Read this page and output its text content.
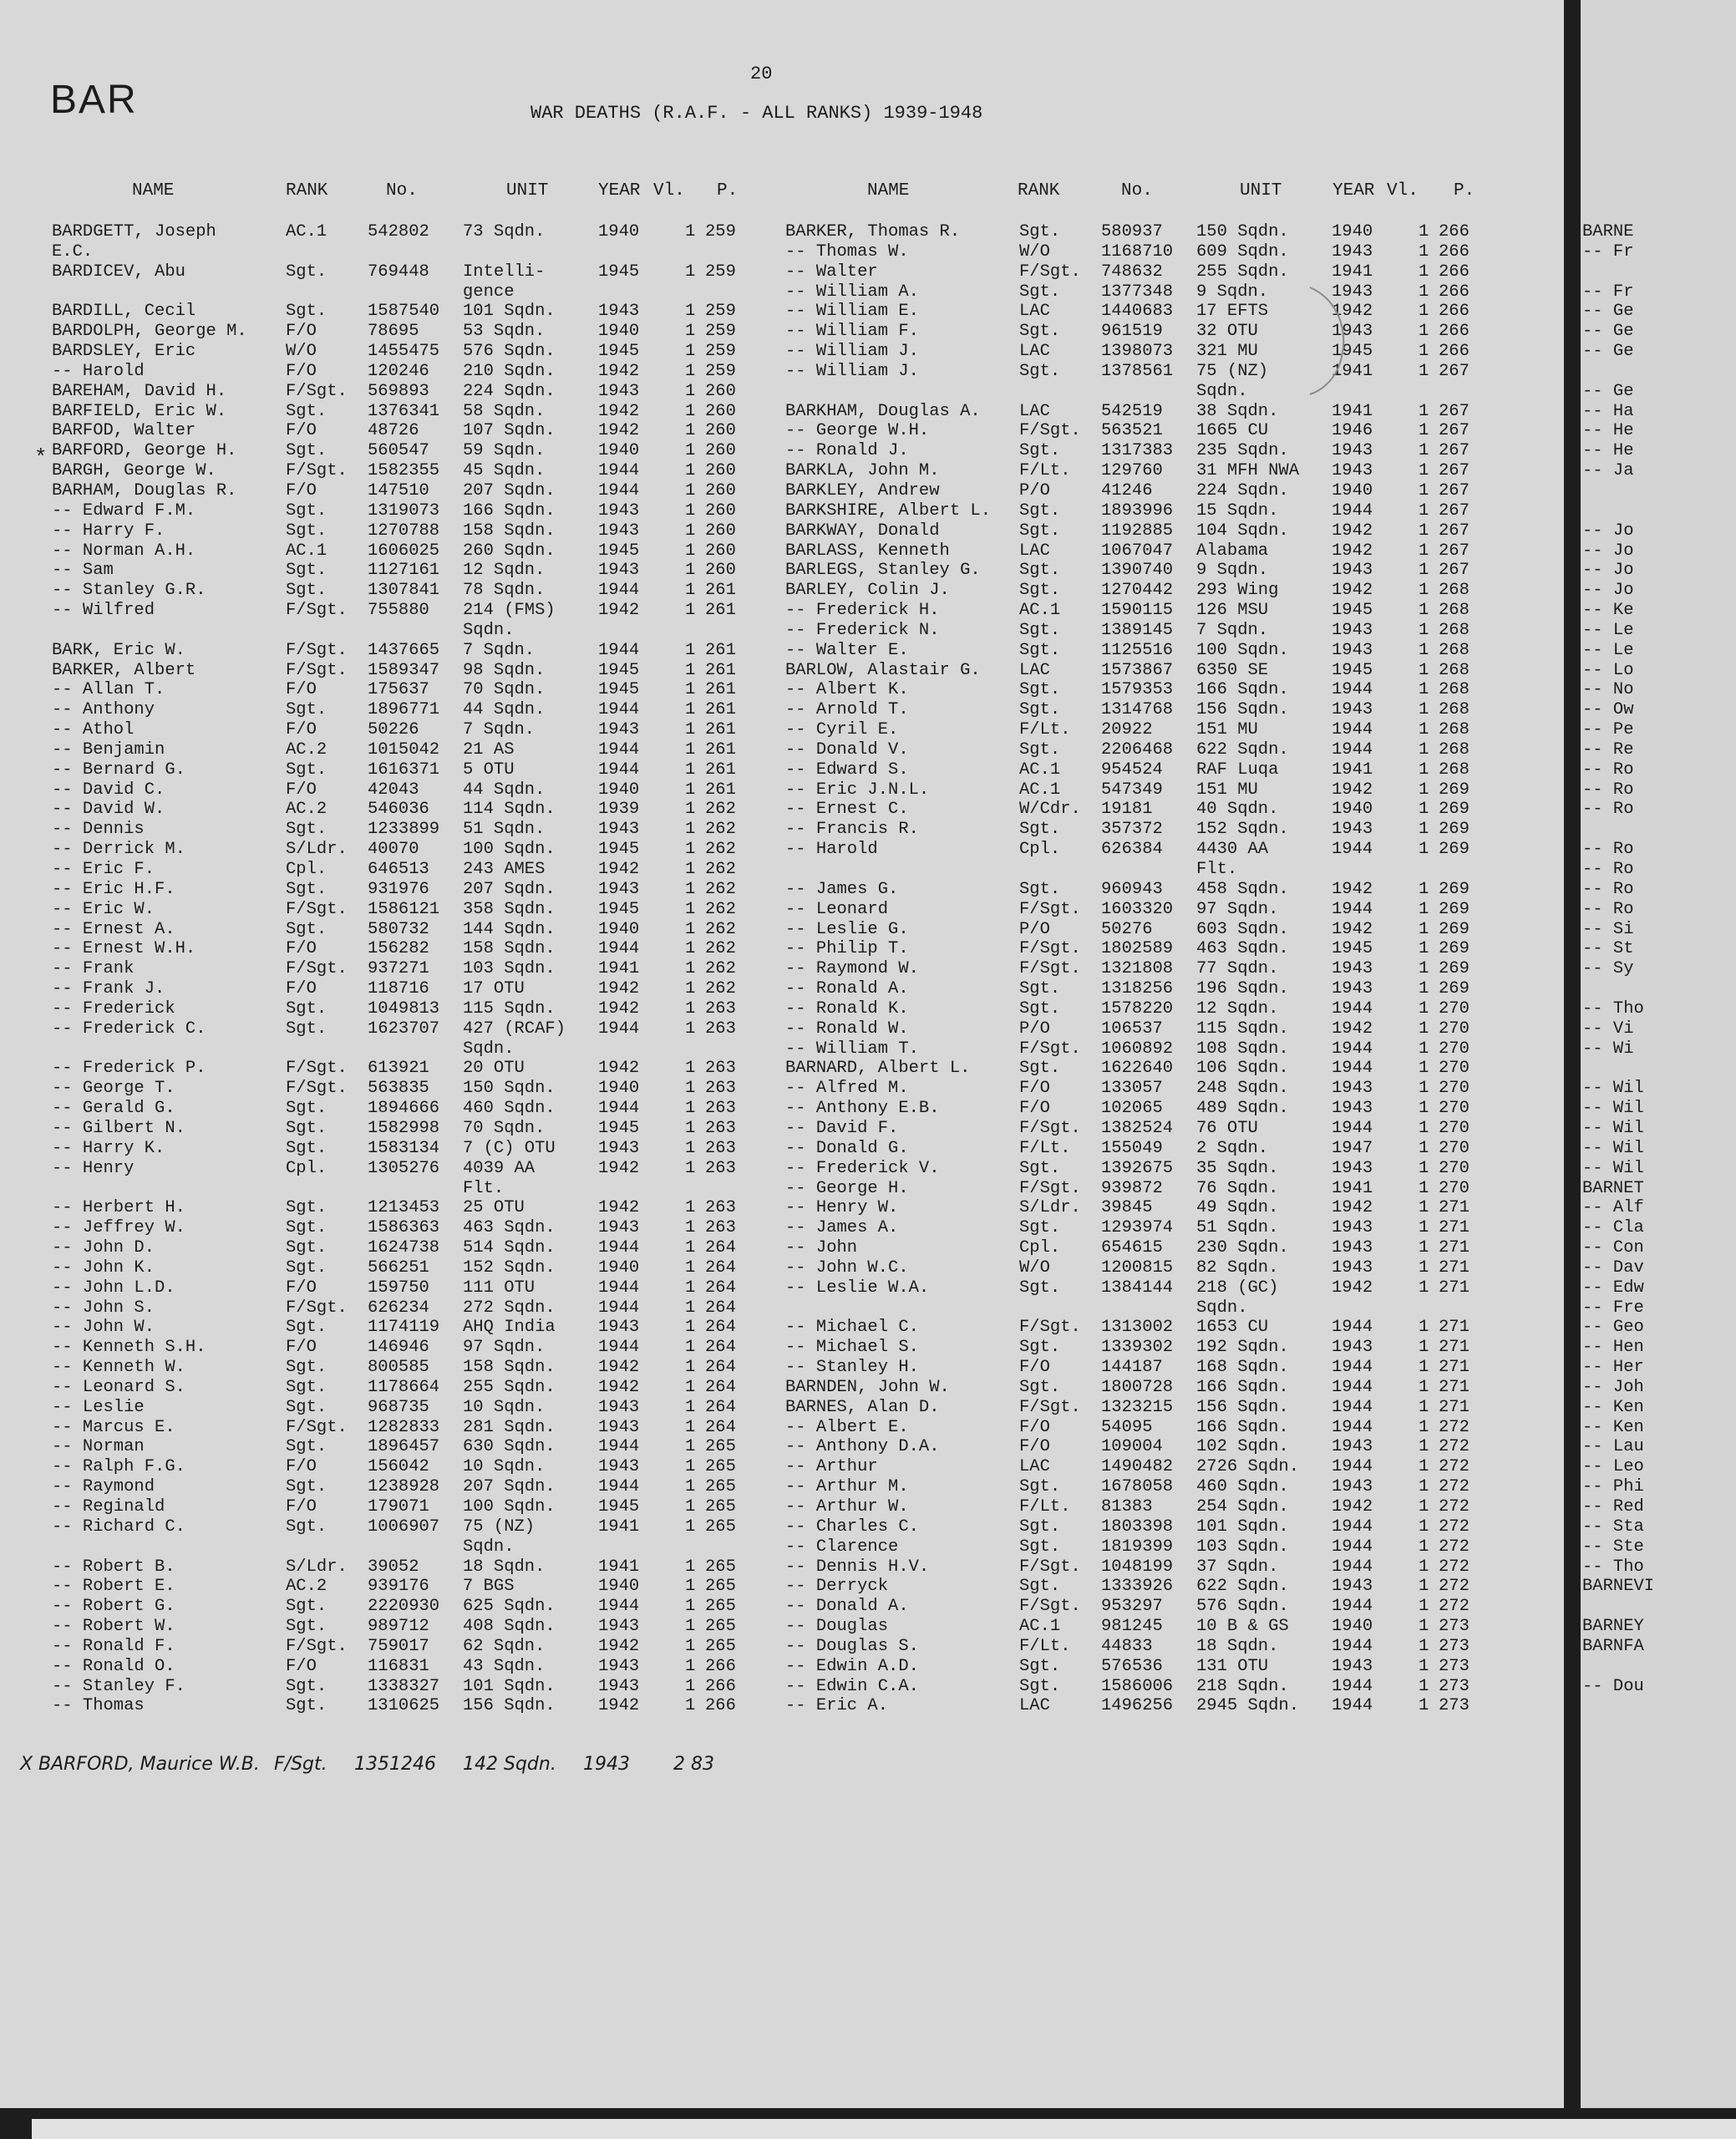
20
BAR	WAR DEATHS (R.A.F. - ALL RANKS) 1939-1948
NAME	RANK	No.	UNIT	YEAR Vl. P.	NAME	RANK	No.	UNIT	YEAR Vl. P.
BARDGETT, Joseph	AC.1 542802 73 Sqdn.	1940	1 259
E.C.
BARDICEV, Abu	Sgt. 769448 Intelli-	1945	1 259
gence
BARDILL, Cecil	Sgt. 1587540 101 Sqdn.	1943	1 259
BARDOLPH, George M. F/O	78695	53 Sqdn.	1940	1 259
BARDSLEY, Eric	W/O	1455475 576 Sqdn.	1945	1 259
-- Harold	F/O	120246 210 Sqdn.	1942	1 259
BAREHAM, David H.	F/Sgt. 569893 224 Sqdn.	1943	1 260
BARFIELD, Eric W.	Sgt. 1376341 58 Sqdn.	1942	1 260
BARFOD, Walter	F/O	48726	107 Sqdn.	1942	1 260
BARFORD, George H.	Sgt. 560547 59 Sqdn.	1940	1 260
BARGH, George W.	F/Sgt. 1582355 45 Sqdn.	1944	1 260
BARHAM, Douglas R.	F/O	147510 207 Sqdn.	1944	1 260
-- Edward F.M.	Sgt. 1319073 166 Sqdn.	1943	1 260
-- Harry F.	Sgt. 1270788 158 Sqdn.	1943	1 260
-- Norman A.H.	AC.1 1606025 260 Sqdn.	1945	1 260
-- Sam	Sgt. 1127161 12 Sqdn.	1943	1 260
-- Stanley G.R.	Sgt. 1307841 78 Sqdn.	1944	1 261
-- Wilfred	F/Sgt. 755880 214 (FMS)	1942	1 261
Sqdn.
BARK, Eric W.	F/Sgt. 1437665 7 Sqdn.	1944	1 261
BARKER, Albert	F/Sgt. 1589347 98 Sqdn.	1945	1 261
-- Allan T.	F/O	175637 70 Sqdn.	1945	1 261
-- Anthony	Sgt. 1896771 44 Sqdn.	1944	1 261
-- Athol	F/O	50226	7 Sqdn.	1943	1 261
-- Benjamin	AC.2 1015042 21 AS	1944	1 261
-- Bernard G.	Sgt. 1616371 5 OTU	1944	1 261
-- David C.	F/O	42043	44 Sqdn.	1940	1 261
-- David W.	AC.2 546036 114 Sqdn.	1939	1 262
-- Dennis	Sgt. 1233899 51 Sqdn.	1943	1 262
-- Derrick M.	S/Ldr. 40070	100 Sqdn.	1945	1 262
-- Eric F.	Cpl. 646513 243 AMES	1942	1 262
-- Eric H.F.	Sgt. 931976 207 Sqdn.	1943	1 262
-- Eric W.	F/Sgt. 1586121 358 Sqdn.	1945	1 262
-- Ernest A.	Sgt. 580732 144 Sqdn.	1940	1 262
-- Ernest W.H.	F/O	156282 158 Sqdn.	1944	1 262
-- Frank	F/Sgt. 937271 103 Sqdn.	1941	1 262
-- Frank J.	F/O	118716 17 OTU	1942	1 262
-- Frederick	Sgt. 1049813 115 Sqdn.	1942	1 263
-- Frederick C.	Sgt. 1623707 427 (RCAF) 1944	1 263
Sqdn.
-- Frederick P.	F/Sgt. 613921 20 OTU	1942	1 263
-- George T.	F/Sgt. 563835 150 Sqdn.	1940	1 263
-- Gerald G.	Sgt. 1894666 460 Sqdn.	1944	1 263
-- Gilbert N.	Sgt. 1582998 70 Sqdn.	1945	1 263
-- Harry K.	Sgt. 1583134 7 (C) OTU	1943	1 263
-- Henry	Cpl. 1305276 4039 AA	1942	1 263
Flt.
-- Herbert H.	Sgt. 1213453 25 OTU	1942	1 263
-- Jeffrey W.	Sgt. 1586363 463 Sqdn.	1943	1 263
-- John D.	Sgt. 1624738 514 Sqdn.	1944	1 264
-- John K.	Sgt. 566251 152 Sqdn.	1940	1 264
-- John L.D.	F/O	159750 111 OTU	1944	1 264
-- John S.	F/Sgt. 626234 272 Sqdn.	1944	1 264
-- John W.	Sgt. 1174119 AHQ India	1943	1 264
-- Kenneth S.H.	F/O	146946 97 Sqdn.	1944	1 264
-- Kenneth W.	Sgt. 800585 158 Sqdn.	1942	1 264
-- Leonard S.	Sgt. 1178664 255 Sqdn.	1942	1 264
-- Leslie	Sgt. 968735 10 Sqdn.	1943	1 264
-- Marcus E.	F/Sgt. 1282833 281 Sqdn.	1943	1 264
-- Norman	Sgt. 1896457 630 Sqdn.	1944	1 265
-- Ralph F.G.	F/O	156042 10 Sqdn.	1943	1 265
-- Raymond	Sgt. 1238928 207 Sqdn.	1944	1 265
-- Reginald	F/O	179071 100 Sqdn.	1945	1 265
-- Richard C.	Sgt. 1006907 75 (NZ)	1941	1 265
Sqdn.
-- Robert B.	S/Ldr. 39052	18 Sqdn.	1941	1 265
-- Robert E.	AC.2 939176 7 BGS	1940	1 265
-- Robert G.	Sgt. 2220930 625 Sqdn.	1944	1 265
-- Robert W.	Sgt. 989712 408 Sqdn.	1943	1 265
-- Ronald F.	F/Sgt. 759017 62 Sqdn.	1942	1 265
-- Ronald O.	F/O	116831 43 Sqdn.	1943	1 266
-- Stanley F.	Sgt. 1338327 101 Sqdn.	1943	1 266
-- Thomas	Sgt. 1310625 156 Sqdn.	1942	1 266
BARKER, Thomas R.	Sgt. 580937 150 Sqdn.	1940	1 266
-- Thomas W.	W/O	1168710 609 Sqdn.	1943	1 266
-- Walter	F/Sgt. 748632 255 Sqdn.	1941	1 266
-- William A.	Sgt. 1377348 9 Sqdn.	1943	1 266
-- William E.	LAC	1440683 17 EFTS	1942	1 266
-- William F.	Sgt. 961519 32 OTU	1943	1 266
-- William J.	LAC	1398073 321 MU	1945	1 266
-- William J.	Sgt. 1378561 75 (NZ)	1941	1 267
Sqdn.
BARKHAM, Douglas A. LAC	542519 38 Sqdn.	1941	1 267
-- George W.H.	F/Sgt. 563521 1665 CU	1946	1 267
-- Ronald J.	Sgt. 1317383 235 Sqdn.	1943	1 267
BARKLA, John M.	F/Lt. 129760 31 MFH NWA 1943	1 267
BARKLEY, Andrew	P/O	41246	224 Sqdn.	1940	1 267
BARKSHIRE, Albert L. Sgt. 1893996 15 Sqdn.	1944	1 267
BARKWAY, Donald	Sgt. 1192885 104 Sqdn.	1942	1 267
BARLASS, Kenneth	LAC	1067047 Alabama	1942	1 267
BARLEGS, Stanley G. Sgt. 1390740 9 Sqdn.	1943	1 267
BARLEY, Colin J.	Sgt. 1270442 293 Wing	1942	1 268
-- Frederick H.	AC.1 1590115 126 MSU	1945	1 268
-- Frederick N.	Sgt. 1389145 7 Sqdn.	1943	1 268
-- Walter E.	Sgt. 1125516 100 Sqdn.	1943	1 268
BARLOW, Alastair G. LAC	1573867 6350 SE	1945	1 268
-- Albert K.	Sgt. 1579353 166 Sqdn.	1944	1 268
-- Arnold T.	Sgt. 1314768 156 Sqdn.	1943	1 268
-- Cyril E.	F/Lt. 20922	151 MU	1944	1 268
-- Donald V.	Sgt. 2206468 622 Sqdn.	1944	1 268
-- Edward S.	AC.1 954524 RAF Luqa	1941	1 268
-- Eric J.N.L.	AC.1 547349 151 MU	1942	1 269
-- Ernest C.	W/Cdr. 19181	40 Sqdn.	1940	1 269
-- Francis R.	Sgt. 357372 152 Sqdn.	1943	1 269
-- Harold	Cpl. 626384 4430 AA	1944	1 269
Flt.
-- James G.	Sgt. 960943 458 Sqdn.	1942	1 269
-- Leonard	F/Sgt. 1603320 97 Sqdn.	1944	1 269
-- Leslie G.	P/O	50276	603 Sqdn.	1942	1 269
-- Philip T.	F/Sgt. 1802589 463 Sqdn.	1945	1 269
-- Raymond W.	F/Sgt. 1321808 77 Sqdn.	1943	1 269
-- Ronald A.	Sgt. 1318256 196 Sqdn.	1943	1 269
-- Ronald K.	Sgt. 1578220 12 Sqdn.	1944	1 270
-- Ronald W.	P/O	106537 115 Sqdn.	1942	1 270
-- William T.	F/Sgt. 1060892 108 Sqdn.	1944	1 270
BARNARD, Albert L.	Sgt. 1622640 106 Sqdn.	1944	1 270
-- Alfred M.	F/O	133057 248 Sqdn.	1943	1 270
-- Anthony E.B.	F/O	102065 489 Sqdn.	1943	1 270
-- David F.	F/Sgt. 1382524 76 OTU	1944	1 270
-- Donald G.	F/Lt. 155049 2 Sqdn.	1947	1 270
-- Frederick V.	Sgt. 1392675 35 Sqdn.	1943	1 270
-- George H.	F/Sgt. 939872 76 Sqdn.	1941	1 270
-- Henry W.	S/Ldr. 39845	49 Sqdn.	1942	1 271
-- James A.	Sgt. 1293974 51 Sqdn.	1943	1 271
-- John	Cpl. 654615 230 Sqdn.	1943	1 271
-- John W.C.	W/O	1200815 82 Sqdn.	1943	1 271
-- Leslie W.A.	Sgt. 1384144 218 (GC)	1942	1 271
Sqdn.
-- Michael C.	F/Sgt. 1313002 1653 CU	1944	1 271
-- Michael S.	Sgt. 1339302 192 Sqdn.	1943	1 271
-- Stanley H.	F/O	144187 168 Sqdn.	1944	1 271
BARNDEN, John W.	Sgt. 1800728 166 Sqdn.	1944	1 271
BARNES, Alan D.	F/Sgt. 1323215 156 Sqdn.	1944	1 271
-- Albert E.	F/O	54095	166 Sqdn.	1944	1 272
-- Anthony D.A.	F/O	109004 102 Sqdn.	1943	1 272
-- Arthur	LAC	1490482 2726 Sqdn. 1944	1 272
-- Arthur M.	Sgt. 1678058 460 Sqdn.	1943	1 272
-- Arthur W.	F/Lt. 81383	254 Sqdn.	1942	1 272
-- Charles C.	Sgt. 1803398 101 Sqdn.	1944	1 272
-- Clarence	Sgt. 1819399 103 Sqdn.	1944	1 272
-- Dennis H.V.	F/Sgt. 1048199 37 Sqdn.	1944	1 272
-- Derryck	Sgt. 1333926 622 Sqdn.	1943	1 272
-- Donald A.	F/Sgt. 953297 576 Sqdn.	1944	1 272
-- Douglas	AC.1 981245 10 B & GS	1940	1 273
-- Douglas S.	F/Lt. 44833	18 Sqdn.	1944	1 273
-- Edwin A.D.	Sgt. 576536 131 OTU	1943	1 273
-- Edwin C.A.	Sgt. 1586006 218 Sqdn.	1944	1 273
-- Eric A.	LAC	1496256 2945 Sqdn. 1944	1 273
*
X BARFORD, Maurice W.B. F/Sgt. 1351246 142 Sqdn. 1943 2 83
BARNE
-- Fr
-- Fr
-- Ge
-- Ge
-- Ge
-- Ge
-- Ha
-- He
-- He
-- Ja
-- Jo
-- Jo
-- Jo
-- Jo
-- Ke
-- Le
-- Le
-- Lo
-- No
-- Ow
-- Pe
-- Re
-- Ro
-- Ro
-- Ro
-- Ro
-- Ro
-- Ro
-- Ro
-- Si
-- St
-- Sy
-- Tho
-- Vi
-- Wi
-- Wil
-- Wil
-- Wil
-- Wil
-- Wil
BARNET
-- Alf
-- Cla
-- Con
-- Dav
-- Edw
-- Fre
-- Geo
-- Hen
-- Her
-- Joh
-- Ken
-- Ken
-- Lau
-- Leo
-- Phi
-- Red
-- Sta
-- Ste
-- Tho
BARNEVI
BARNEY
BARNFA
-- Dou
